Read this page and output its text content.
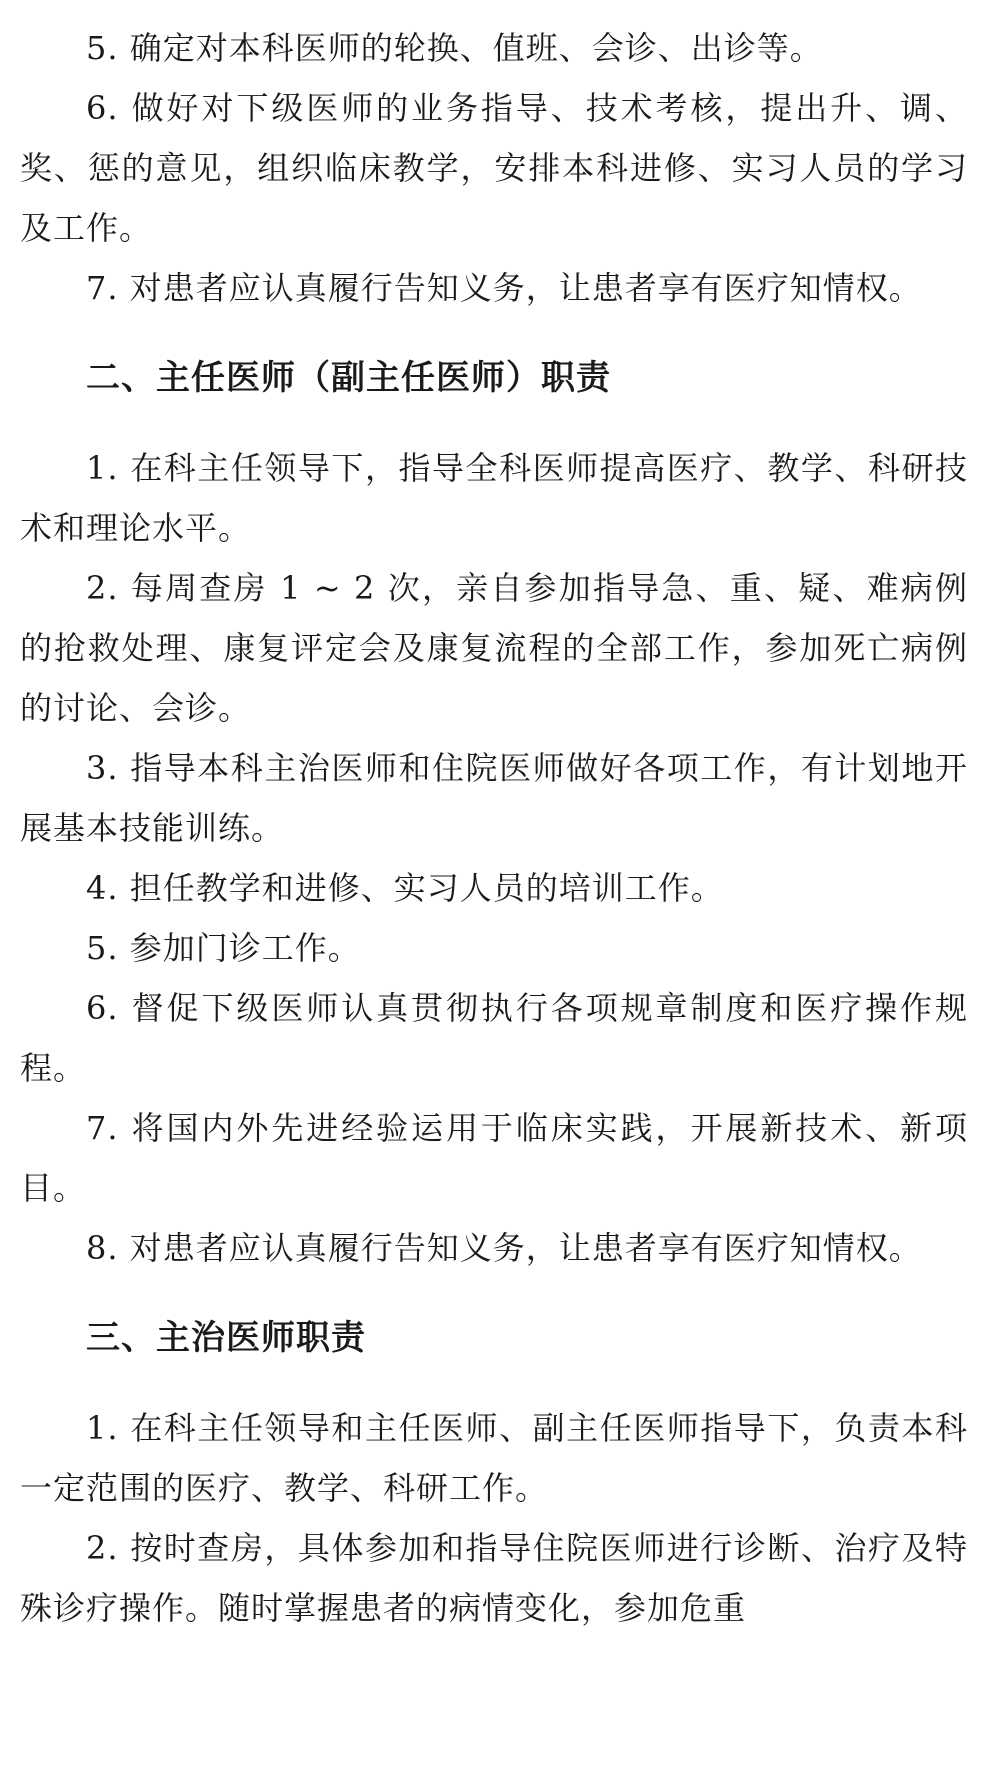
5. 确定对本科医师的轮换、值班、会诊、出诊等。

6. 做好对下级医师的业务指导、技术考核，提出升、调、奖、惩的意见，组织临床教学，安排本科进修、实习人员的学习及工作。

7. 对患者应认真履行告知义务，让患者享有医疗知情权。

二、主任医师（副主任医师）职责

1. 在科主任领导下，指导全科医师提高医疗、教学、科研技术和理论水平。

2. 每周查房 1 ~ 2 次，亲自参加指导急、重、疑、难病例的抢救处理、康复评定会及康复流程的全部工作，参加死亡病例的讨论、会诊。

3. 指导本科主治医师和住院医师做好各项工作，有计划地开展基本技能训练。

4. 担任教学和进修、实习人员的培训工作。

5. 参加门诊工作。

6. 督促下级医师认真贯彻执行各项规章制度和医疗操作规程。

7. 将国内外先进经验运用于临床实践，开展新技术、新项目。

8. 对患者应认真履行告知义务，让患者享有医疗知情权。

三、主治医师职责

1. 在科主任领导和主任医师、副主任医师指导下，负责本科一定范围的医疗、教学、科研工作。

2. 按时查房，具体参加和指导住院医师进行诊断、治疗及特殊诊疗操作。随时掌握患者的病情变化，参加危重
